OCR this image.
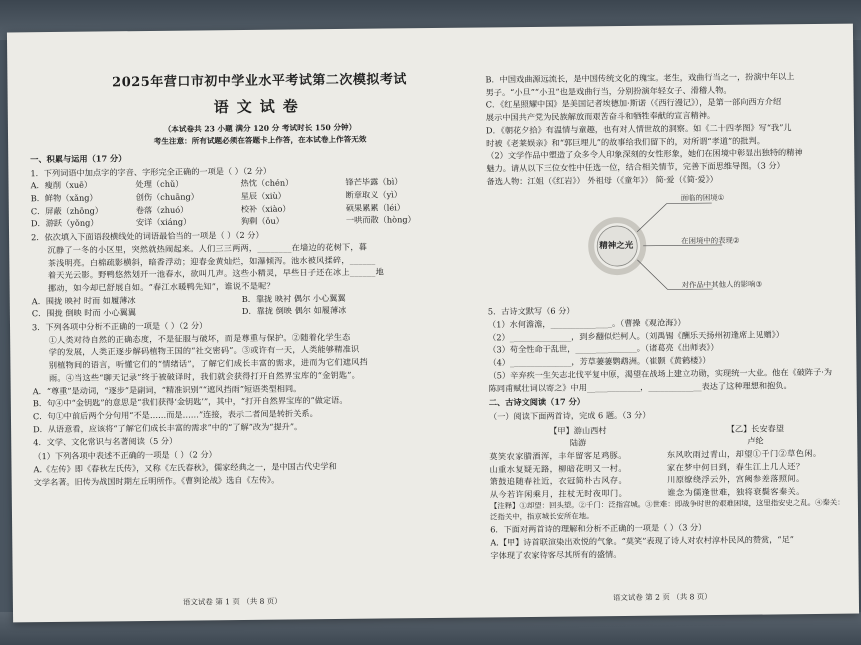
2025年营口市初中学业水平考试第二次模拟考试
语文试卷
（本试卷共 23 小题 满分 120 分 考试时长 150 分钟）
考生注意：所有试题必须在答题卡上作答，在本试卷上作答无效
一、积累与运用（17 分）
1．下列词语中加点字的字音、字形完全正确的一项是（ ）（2 分）
A．瘦削（xuē）	处理（chǔ）	热忱（chén）	锋芒毕露（bì）
B．鲜物（xǎng）	创伤（chuāng）	星辰（xiù）	断章取义（yì）
C．屏蔽（zhōng）	卷落（zhuó）	校补（xiào）	硕果累累（léi）
D．游跃（yǒng）	安详（xiáng）	狗剩（ǒu）	一哄而散（hòng）
2．依次填入下面语段横线处的词语最恰当的一项是（ ）（2 分）
沉静了一冬的小区里，突然就热闹起来。人们三三两两，________在墙边的花树下，暮
茶浅明亮。白棉疏影横斜，暗香浮动；迎春金黄灿烂，如瀑倾泻。池水被风揉碎，______
着天光云影。野鸭悠然划开一池春水，欲叫几声。这些小精灵，早些日子还在冰上______地
挪动，如今却已舒展自如。“春江水暖鸭先知”，谁说不是呢？
A．围拢 映衬 时而 如履薄冰	B．靠拢 映衬 偶尔 小心翼翼
C．围拢 倒映 时而 小心翼翼	D．靠拢 倒映 偶尔 如履薄冰
3．下列各项中分析不正确的一项是（ ）（2 分）
①人类对待自然的正确态度，不是征服与破坏，而是尊重与保护。②随着化学生态
学的发展，人类正逐步解码植物王国的“社交密码”。③或许有一天，人类能够精准识
别植物间的语言，听懂它们的“情绪话”，了解它们成长丰富的需求，进而为它们遮风挡
雨。④当这些“聊天记录”终于被破译时，我们就会获得打开自然界宝库的“金钥匙”。
A．“尊重”是动词，“逐步”是副词，“精准识别”“遮风挡雨”短语类型相同。
B．句④中“金钥匙”的意思是“我们获得‘金钥匙’”，其中，“打开自然界宝库的”做定语。
C．句①中前后两个分句用“不是……而是……”连接，表示二者间是转折关系。
D．从语意看，应该将“了解它们成长丰富的需求”中的“了解”改为“提升”。
4．文学、文化常识与名著阅读（5 分）
（1）下列各项中表述不正确的一项是（ ）（2 分）
A.《左传》即《春秋左氏传》，又称《左氏春秋》，儒家经典之一，是中国古代史学和
文学名著。旧传为战国时期左丘明所作。《曹刿论战》选自《左传》。
语文试卷 第 1 页 （共 8 页）
B．中国戏曲源远流长，是中国传统文化的瑰宝。老生，戏曲行当之一，扮演中年以上
男子。“小旦”“小丑”也是戏曲行当，分别扮演年轻女子、滑稽人物。
C．《红星照耀中国》是美国记者埃德加·斯诺（《西行漫记》），是第一部向西方介绍
展示中国共产党为民族解放而艰苦奋斗和牺牲奉献的宣言精神。
D．《朝花夕拾》有温情与童趣，也有对人情世故的洞察。如《二十四孝图》写“我”儿
时被《老莱娱亲》和“郭巨埋儿”的故事给我们留下的，对所谓“孝道”的批判。
（2）文学作品中塑造了众多令人印象深刻的女性形象，她们在困境中彰显出独特的精神
魅力。请从以下三位女性中任选一位，结合相关情节，完善下面思维导图。（3 分）
备选人物：江姐（《红岩》） 外祖母（《童年》） 简·爱（《简·爱》）
精神之光
面临的困境①
在困境中的表现②
对作品中其他人的影响③
5．古诗文默写（6 分）
（1）水何澹澹，_______________。（曹操《观沧海》）
（2）_______________，到乡翻似烂柯人。（刘禹锡《酬乐天扬州初逢席上见赠》）
（3）苟全性命于乱世，_______________。（诸葛亮《出师表》）
（4）_______________，芳草萋萋鹦鹉洲。（崔颢《黄鹤楼》）
（5）辛弃疾一生矢志北伐平复中原，渴望在战场上建立功勋，实现统一大业。他在《破阵子·为
陈同甫赋壮词以寄之》中用_____________，_____________表达了这种理想和抱负。
二、古诗文阅读（17 分）
（一）阅读下面两首诗，完成 6 题。（3 分）
【甲】游山西村
陆游
莫笑农家腊酒浑，丰年留客足鸡豚。
山重水复疑无路，柳暗花明又一村。
箫鼓追随春社近，衣冠简朴古风存。
从今若许闲乘月，拄杖无时夜叩门。
【乙】长安春望
卢纶
东风吹雨过青山，却望①千门②草色闲。
家在梦中何日到，春生江上几人还？
川原缭绕浮云外，宫阙参差落照间。
谁念为儒逢世难，独将衰鬓客秦关。
【注释】①却望：回头望。②千门：泛指宫城。③世难：即战争时世的艰难困境，这里指安史之乱。④秦关：泛指关中，指京城长安所在地。
6．下面对两首诗的理解和分析不正确的一项是（ ）（3 分）
A.【甲】诗首联渲染出欢悦的气象。“莫笑”表现了诗人对农村淳朴民风的赞赏，“足”
字体现了农家待客尽其所有的盛情。
语文试卷 第 2 页 （共 8 页）
